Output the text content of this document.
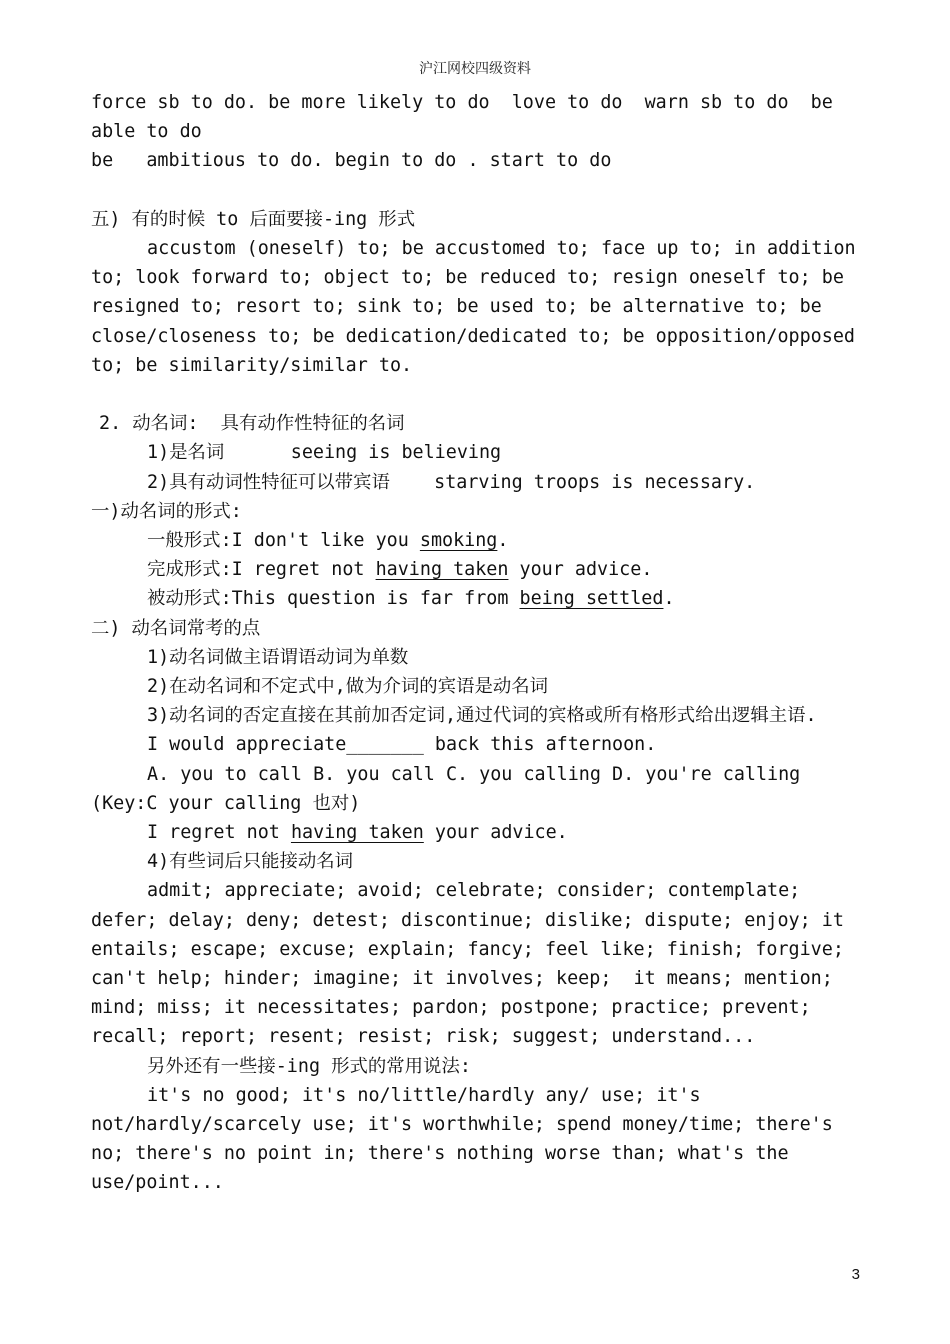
沪江网校四级资料

force sb to do. be more likely to do  love to do  warn sb to do  be able to do

be   ambitious to do. begin to do . start to do

五) 有的时候 to 后面要接-ing 形式

accustom (oneself) to; be accustomed to; face up to; in addition to; look forward to; object to; be reduced to; resign oneself to; be resigned to; resort to; sink to; be used to; be alternative to; be close/closeness to; be dedication/dedicated to; be opposition/opposed to; be similarity/similar to.

2. 动名词:  具有动作性特征的名词

1)是名词      seeing is believing

2)具有动词性特征可以带宾语    starving troops is necessary.

一)动名词的形式:

一般形式:I don't like you smoking.

完成形式:I regret not having taken your advice.

被动形式:This question is far from being settled.

二) 动名词常考的点

1)动名词做主语谓语动词为单数

2)在动名词和不定式中,做为介词的宾语是动名词

3)动名词的否定直接在其前加否定词,通过代词的宾格或所有格形式给出逻辑主语.

I would appreciate_______ back this afternoon.

A. you to call B. you call C. you calling D. you're calling

(Key:C your calling 也对)

I regret not having taken your advice.

4)有些词后只能接动名词

admit; appreciate; avoid; celebrate; consider; contemplate; defer; delay; deny; detest; discontinue; dislike; dispute; enjoy; it entails; escape; excuse; explain; fancy; feel like; finish; forgive; can't help; hinder; imagine; it involves; keep;  it means; mention; mind; miss; it necessitates; pardon; postpone; practice; prevent; recall; report; resent; resist; risk; suggest; understand...

另外还有一些接-ing 形式的常用说法:

it's no good; it's no/little/hardly any/ use; it's not/hardly/scarcely use; it's worthwhile; spend money/time; there's no; there's no point in; there's nothing worse than; what's the use/point...

3
